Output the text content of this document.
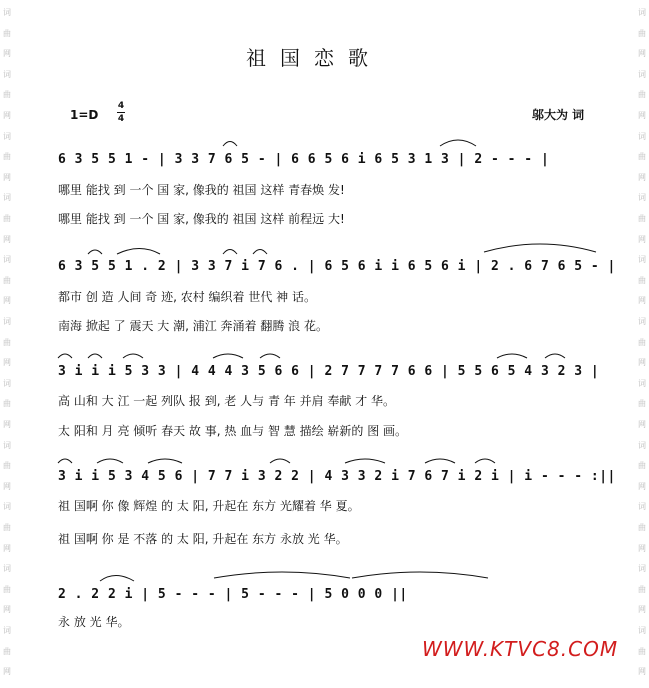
词
曲
网
词
曲
网
词
曲
网
词
曲
网
词
曲
网
词
曲
网
词
曲
网
词
曲
网
词
曲
网
词
曲
网
词
曲
网
词
曲
网
词
曲
网
词
曲
网
词
曲
网
词
曲
网
词
曲
网
词
曲
网
词
曲
网
词
曲
网
词
曲
网
词
曲
网
祖国恋歌
1=D
4
4	邬大为 词
6 3 5 5 1 - | 3 3 7 6 5 - | 6 6 5 6 i 6 5 3 1 3 | 2 - - - |
哪里 能找 到 一个 国 家, 像我的 祖国 这样 青春焕 发!
哪里 能找 到 一个 国 家, 像我的 祖国 这样 前程远 大!
6 3 5 5 1 . 2 | 3 3 7 i 7 6 . | 6 5 6 i i 6 5 6 i | 2 . 6 7 6 5 - |
都市 创 造 人间 奇 迹, 农村 编织着 世代 神 话。
南海 掀起 了 震天 大 潮, 浦江 奔涌着 翻腾 浪 花。
3 i i i 5 3 3 | 4 4 4 3 5 6 6 | 2 7 7 7 7 6 6 | 5 5 6 5 4 3 2 3 |
高 山和 大 江 一起 列队 报 到, 老 人与 青 年 并肩 奉献 才 华。
太 阳和 月 亮 倾听 春天 故 事, 热 血与 智 慧 描绘 崭新的 图 画。
3 i i 5 3 4 5 6 | 7 7 i 3 2 2 | 4 3 3 2 i 7 6 7 i 2 i | i - - - :||
祖 国啊 你 像 辉煌 的 太 阳, 升起在 东方 光耀着 华 夏。
祖 国啊 你 是 不落 的 太 阳, 升起在 东方 永放 光 华。
2 . 2 2 i | 5 - - - | 5 - - - | 5 0 0 0 ||
永 放 光 华。
WWW.KTVC8.COM
